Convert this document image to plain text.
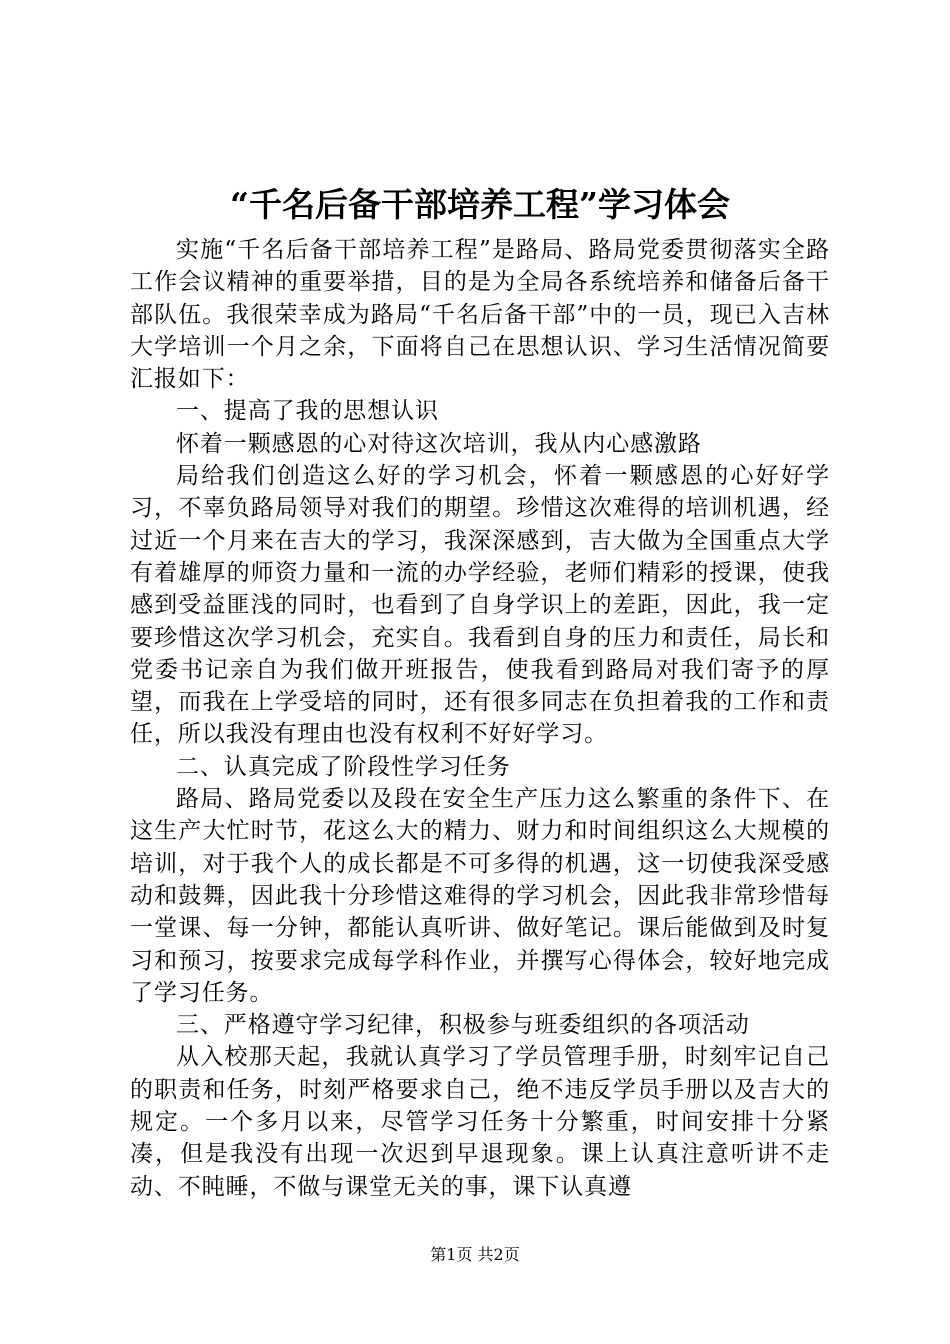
“千名后备干部培养工程”学习体会

实施“千名后备干部培养工程”是路局、路局党委贯彻落实全路工作会议精神的重要举措，目的是为全局各系统培养和储备后备干部队伍。我很荣幸成为路局“千名后备干部”中的一员，现已入吉林大学培训一个月之余，下面将自己在思想认识、学习生活情况简要汇报如下：

一、提高了我的思想认识

怀着一颗感恩的心对待这次培训，我从内心感激路

局给我们创造这么好的学习机会，怀着一颗感恩的心好好学习，不辜负路局领导对我们的期望。珍惜这次难得的培训机遇，经过近一个月来在吉大的学习，我深深感到，吉大做为全国重点大学有着雄厚的师资力量和一流的办学经验，老师们精彩的授课，使我感到受益匪浅的同时，也看到了自身学识上的差距，因此，我一定要珍惜这次学习机会，充实自。我看到自身的压力和责任，局长和党委书记亲自为我们做开班报告，使我看到路局对我们寄予的厚望，而我在上学受培的同时，还有很多同志在负担着我的工作和责任，所以我没有理由也没有权利不好好学习。

二、认真完成了阶段性学习任务

路局、路局党委以及段在安全生产压力这么繁重的条件下、在这生产大忙时节，花这么大的精力、财力和时间组织这么大规模的培训，对于我个人的成长都是不可多得的机遇，这一切使我深受感动和鼓舞，因此我十分珍惜这难得的学习机会，因此我非常珍惜每一堂课、每一分钟，都能认真听讲、做好笔记。课后能做到及时复习和预习，按要求完成每学科作业，并撰写心得体会，较好地完成了学习任务。

三、严格遵守学习纪律，积极参与班委组织的各项活动

从入校那天起，我就认真学习了学员管理手册，时刻牢记自己的职责和任务，时刻严格要求自己，绝不违反学员手册以及吉大的规定。一个多月以来，尽管学习任务十分繁重，时间安排十分紧凑，但是我没有出现一次迟到早退现象。课上认真注意听讲不走动、不盹睡，不做与课堂无关的事，课下认真遵

第1页 共2页
